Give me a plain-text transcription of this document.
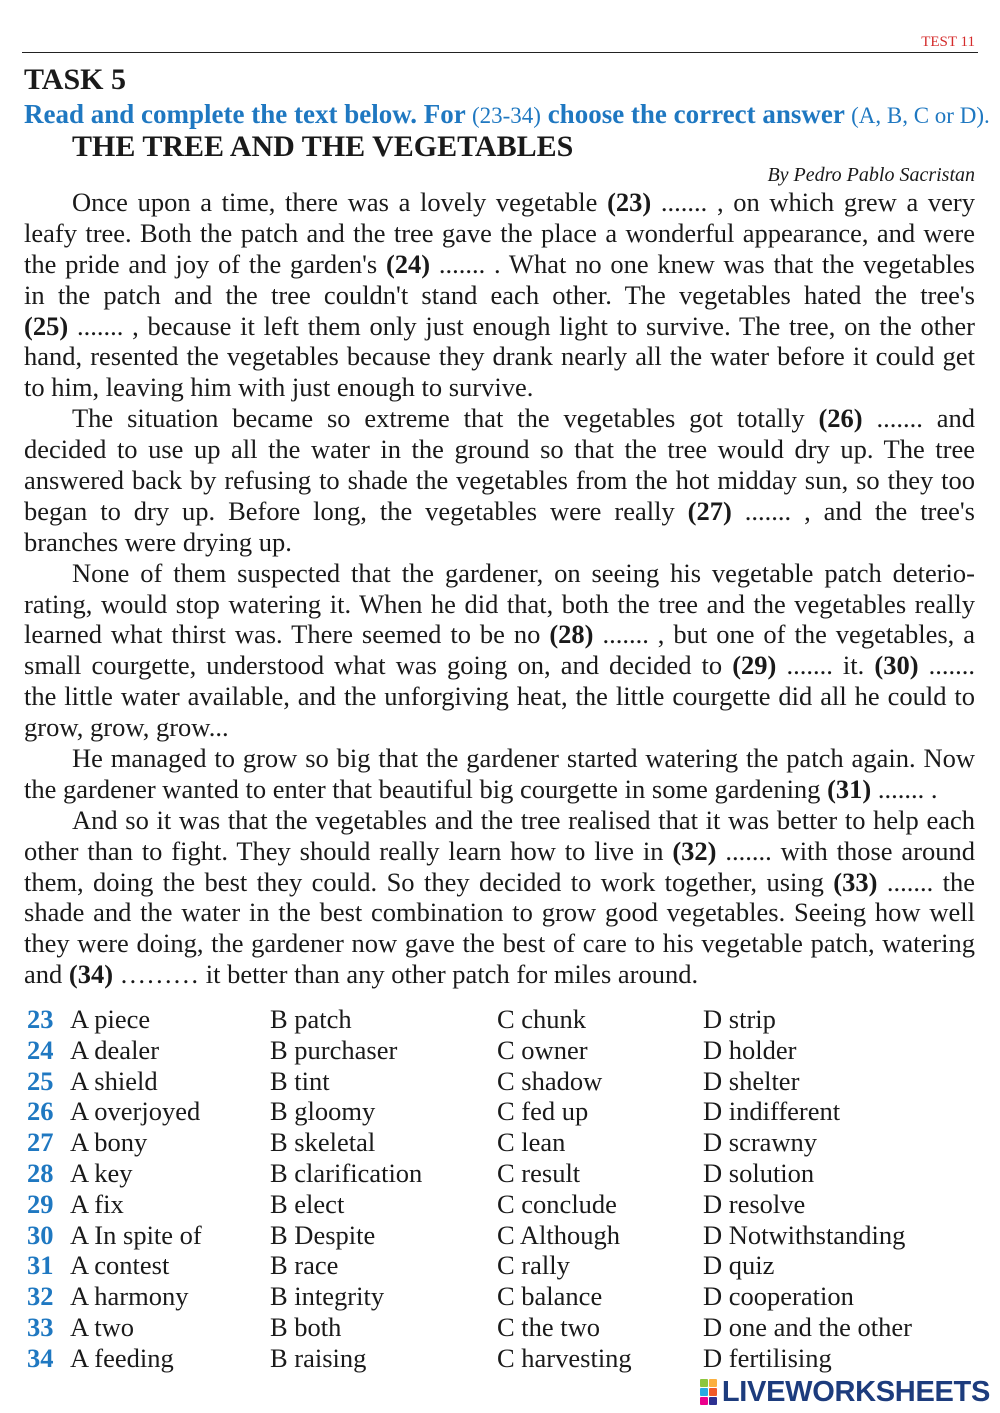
TEST 11
TASK 5
Read and complete the text below. For (23-34) choose the correct answer (A, B, C or D).
THE TREE AND THE VEGETABLES
By Pedro Pablo Sacristan
Once upon a time, there was a lovely vegetable (23) ....... , on which grew a very
leafy tree. Both the patch and the tree gave the place a wonderful appearance, and were
the pride and joy of the garden's (24) ....... . What no one knew was that the vegetables
in the patch and the tree couldn't stand each other. The vegetables hated the tree's
(25) ....... , because it left them only just enough light to survive. The tree, on the other
hand, resented the vegetables because they drank nearly all the water before it could get
to him, leaving him with just enough to survive.
The situation became so extreme that the vegetables got totally (26) ....... and
decided to use up all the water in the ground so that the tree would dry up. The tree
answered back by refusing to shade the vegetables from the hot midday sun, so they too
began to dry up. Before long, the vegetables were really (27) ....... , and the tree's
branches were drying up.
None of them suspected that the gardener, on seeing his vegetable patch deterio-
rating, would stop watering it. When he did that, both the tree and the vegetables really
learned what thirst was. There seemed to be no (28) ....... , but one of the vegetables, a
small courgette, understood what was going on, and decided to (29) ....... it. (30) .......
the little water available, and the unforgiving heat, the little courgette did all he could to
grow, grow, grow...
He managed to grow so big that the gardener started watering the patch again. Now
the gardener wanted to enter that beautiful big courgette in some gardening (31) ....... .
And so it was that the vegetables and the tree realised that it was better to help each
other than to fight. They should really learn how to live in (32) ....... with those around
them, doing the best they could. So they decided to work together, using (33) ....... the
shade and the water in the best combination to grow good vegetables. Seeing how well
they were doing, the gardener now gave the best of care to his vegetable patch, watering
and (34) ……… it better than any other patch for miles around.
23 A piece	B patch	C chunk	D strip
24 A dealer	B purchaser	C owner	D holder
25 A shield	B tint	C shadow	D shelter
26 A overjoyed	B gloomy	C fed up	D indifferent
27 A bony	B skeletal	C lean	D scrawny
28 A key	B clarification	C result	D solution
29 A fix	B elect	C conclude	D resolve
30 A In spite of	B Despite	C Although	D Notwithstanding
31 A contest	B race	C rally	D quiz
32 A harmony	B integrity	C balance	D cooperation
33 A two	B both	C the two	D one and the other
34 A feeding	B raising	C harvesting	D fertilising
LIVEWORKSHEETS
